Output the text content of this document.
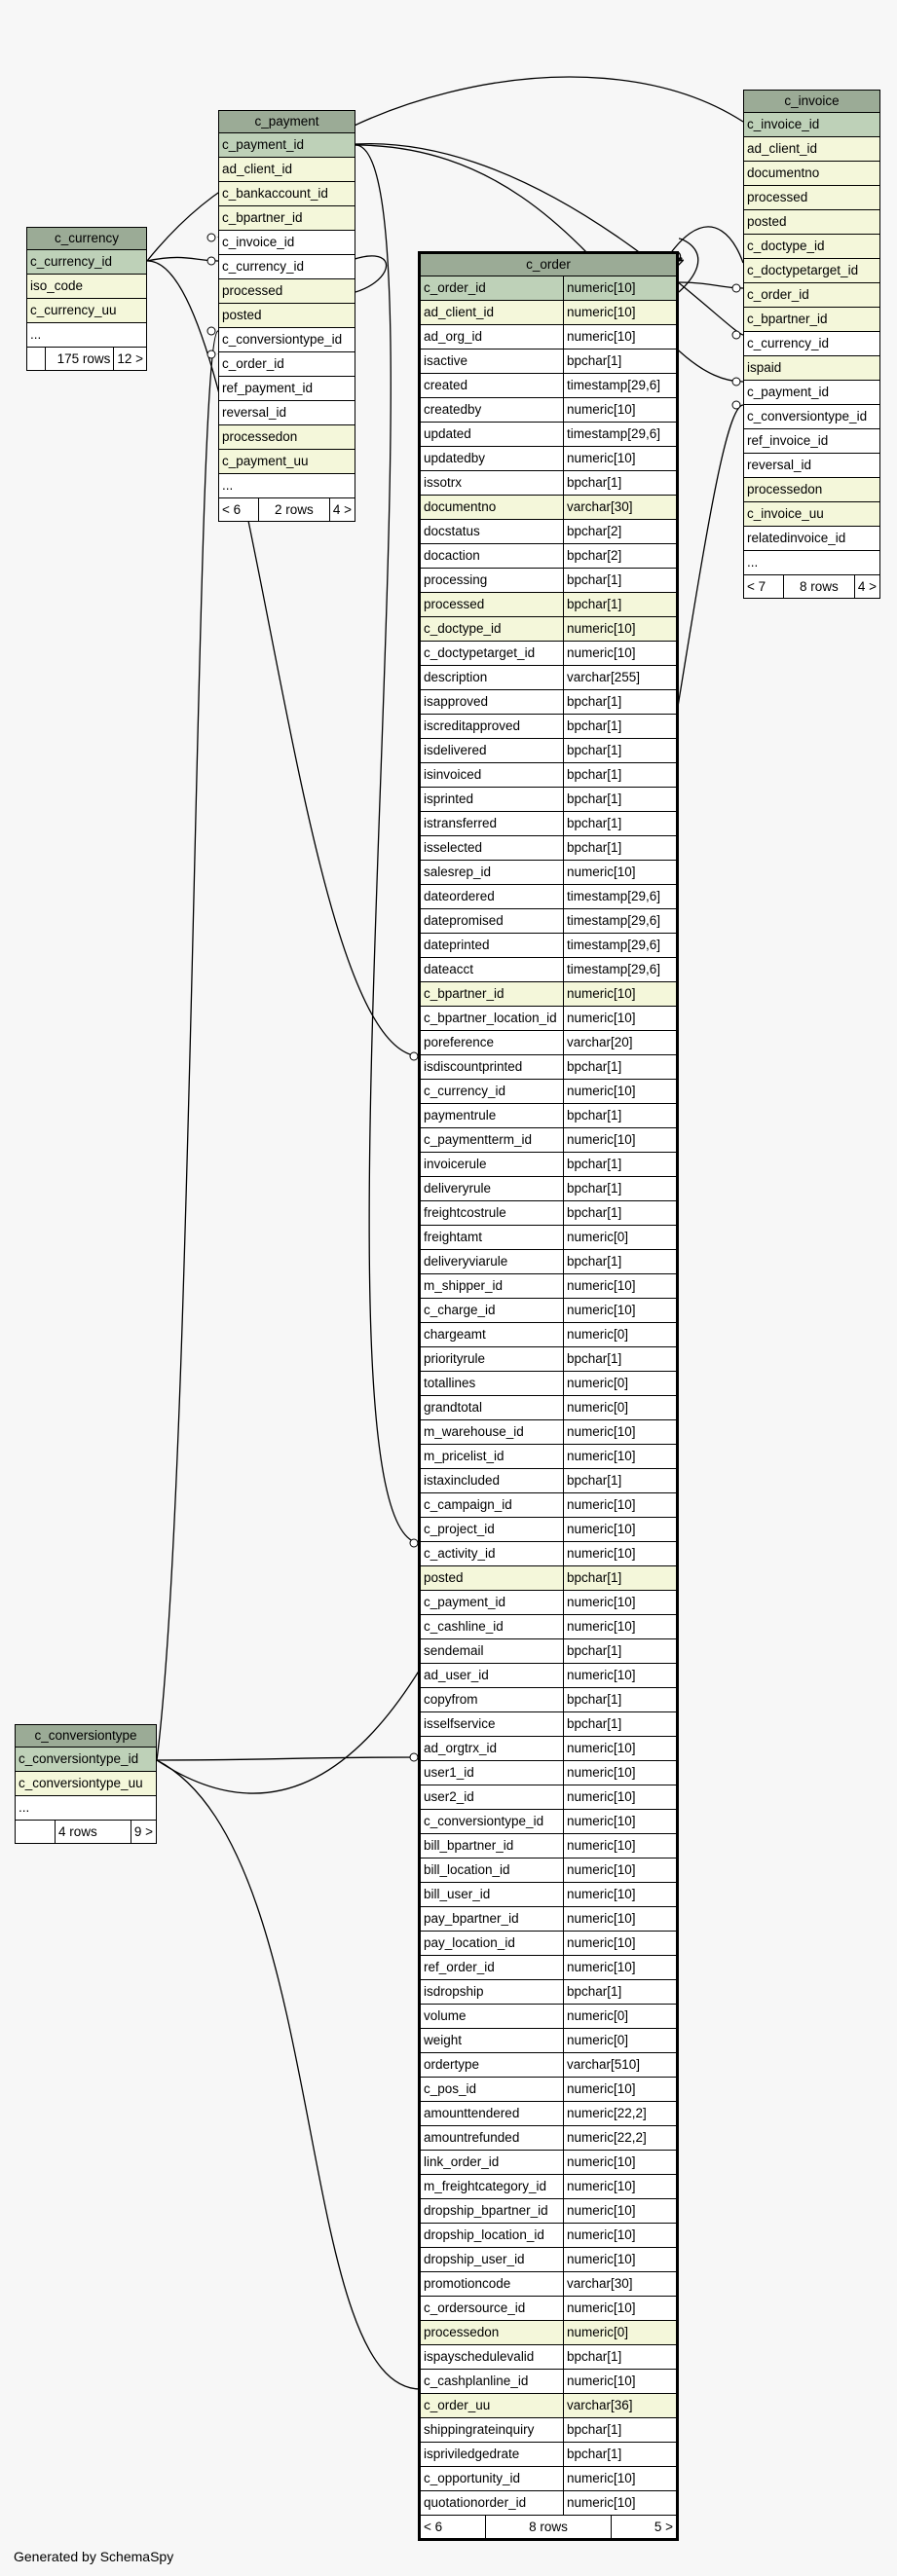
c_currency
c_currency_id
iso_code
c_currency_uu
...
175 rows 12 >
c_payment
c_payment_id
ad_client_id
c_bankaccount_id
c_bpartner_id
c_invoice_id
c_currency_id
processed
posted
c_conversiontype_id
c_order_id
ref_payment_id
reversal_id
processedon
c_payment_uu
...
< 6	2 rows	4 >
c_invoice
c_invoice_id
ad_client_id
documentno
processed
posted
c_doctype_id
c_doctypetarget_id
c_order_id
c_bpartner_id
c_currency_id
ispaid
c_payment_id
c_conversiontype_id
ref_invoice_id
reversal_id
processedon
c_invoice_uu
relatedinvoice_id
...
< 7	8 rows	4 >
c_conversiontype
c_conversiontype_id
c_conversiontype_uu
...
4 rows	9 >
c_order
c_order_id	numeric[10]
ad_client_id	numeric[10]
ad_org_id	numeric[10]
isactive	bpchar[1]
created	timestamp[29,6]
createdby	numeric[10]
updated	timestamp[29,6]
updatedby	numeric[10]
issotrx	bpchar[1]
documentno	varchar[30]
docstatus	bpchar[2]
docaction	bpchar[2]
processing	bpchar[1]
processed	bpchar[1]
c_doctype_id	numeric[10]
c_doctypetarget_id	numeric[10]
description	varchar[255]
isapproved	bpchar[1]
iscreditapproved	bpchar[1]
isdelivered	bpchar[1]
isinvoiced	bpchar[1]
isprinted	bpchar[1]
istransferred	bpchar[1]
isselected	bpchar[1]
salesrep_id	numeric[10]
dateordered	timestamp[29,6]
datepromised	timestamp[29,6]
dateprinted	timestamp[29,6]
dateacct	timestamp[29,6]
c_bpartner_id	numeric[10]
c_bpartner_location_id numeric[10]
poreference	varchar[20]
isdiscountprinted	bpchar[1]
c_currency_id	numeric[10]
paymentrule	bpchar[1]
c_paymentterm_id	numeric[10]
invoicerule	bpchar[1]
deliveryrule	bpchar[1]
freightcostrule	bpchar[1]
freightamt	numeric[0]
deliveryviarule	bpchar[1]
m_shipper_id	numeric[10]
c_charge_id	numeric[10]
chargeamt	numeric[0]
priorityrule	bpchar[1]
totallines	numeric[0]
grandtotal	numeric[0]
m_warehouse_id	numeric[10]
m_pricelist_id	numeric[10]
istaxincluded	bpchar[1]
c_campaign_id	numeric[10]
c_project_id	numeric[10]
c_activity_id	numeric[10]
posted	bpchar[1]
c_payment_id	numeric[10]
c_cashline_id	numeric[10]
sendemail	bpchar[1]
ad_user_id	numeric[10]
copyfrom	bpchar[1]
isselfservice	bpchar[1]
ad_orgtrx_id	numeric[10]
user1_id	numeric[10]
user2_id	numeric[10]
c_conversiontype_id	numeric[10]
bill_bpartner_id	numeric[10]
bill_location_id	numeric[10]
bill_user_id	numeric[10]
pay_bpartner_id	numeric[10]
pay_location_id	numeric[10]
ref_order_id	numeric[10]
isdropship	bpchar[1]
volume	numeric[0]
weight	numeric[0]
ordertype	varchar[510]
c_pos_id	numeric[10]
amounttendered	numeric[22,2]
amountrefunded	numeric[22,2]
link_order_id	numeric[10]
m_freightcategory_id	numeric[10]
dropship_bpartner_id	numeric[10]
dropship_location_id	numeric[10]
dropship_user_id	numeric[10]
promotioncode	varchar[30]
c_ordersource_id	numeric[10]
processedon	numeric[0]
ispayschedulevalid	bpchar[1]
c_cashplanline_id	numeric[10]
c_order_uu	varchar[36]
shippingrateinquiry	bpchar[1]
ispriviledgedrate	bpchar[1]
c_opportunity_id	numeric[10]
quotationorder_id	numeric[10]
< 6	8 rows	5 >
Generated by SchemaSpy
